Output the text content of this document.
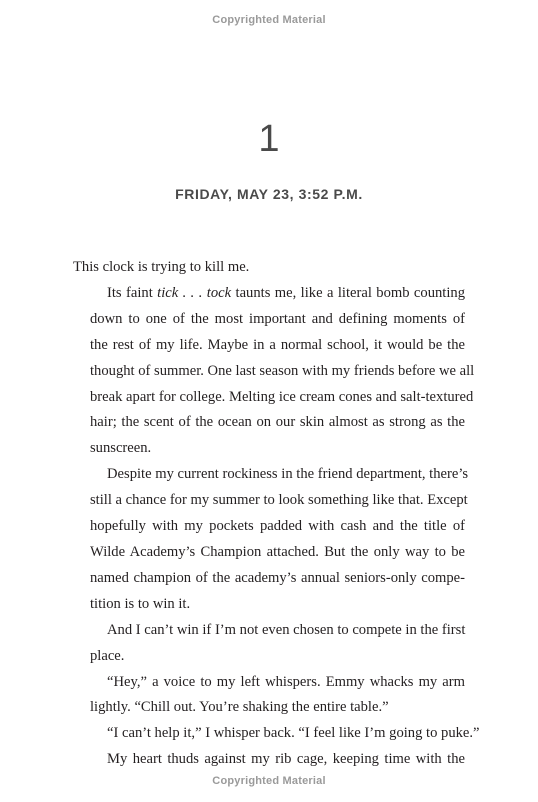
Copyrighted Material
1
FRIDAY, MAY 23, 3:52 P.M.

This clock is trying to kill me.

Its faint tick . . . tock taunts me, like a literal bomb counting
down to one of the most important and defining moments of
the rest of my life. Maybe in a normal school, it would be the
thought of summer. One last season with my friends before we all
break apart for college. Melting ice cream cones and salt-textured
hair; the scent of the ocean on our skin almost as strong as the
sunscreen.

Despite my current rockiness in the friend department, there’s
still a chance for my summer to look something like that. Except
hopefully with my pockets padded with cash and the title of
Wilde Academy’s Champion attached. But the only way to be
named champion of the academy’s annual seniors-only compe-
tition is to win it.

And I can’t win if I’m not even chosen to compete in the first
place.

“Hey,” a voice to my left whispers. Emmy whacks my arm
lightly. “Chill out. You’re shaking the entire table.”

“I can’t help it,” I whisper back. “I feel like I’m going to puke.”

My heart thuds against my rib cage, keeping time with the

Copyrighted Material
